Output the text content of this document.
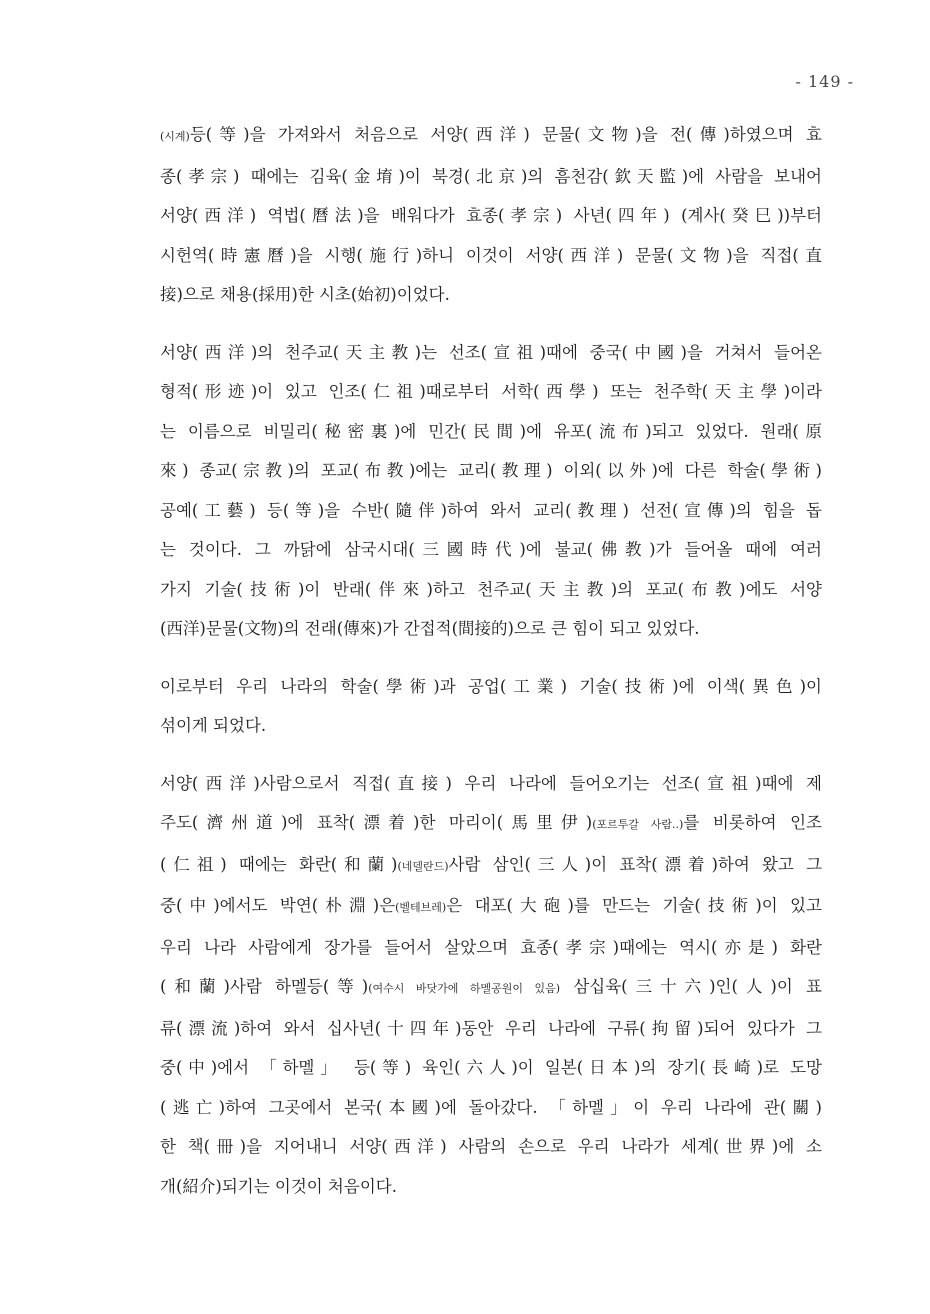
- 149 -
(시계)등(等)을 가져와서 처음으로 서양(西洋) 문물(文物)을 전(傳)하였으며 효
종(孝宗) 때에는 김육(金堉)이 북경(北京)의 흠천감(欽天監)에 사람을 보내어
서양(西洋) 역법(曆法)을 배워다가 효종(孝宗) 사년(四年) (계사(癸巳))부터
시헌역(時憲曆)을 시행(施行)하니 이것이 서양(西洋) 문물(文物)을 직접(直
接)으로 채용(採用)한 시초(始初)이었다.
서양(西洋)의 천주교(天主教)는 선조(宣祖)때에 중국(中國)을 거쳐서 들어온
형적(形迹)이 있고 인조(仁祖)때로부터 서학(西學) 또는 천주학(天主學)이라
는 이름으로 비밀리(秘密裏)에 민간(民間)에 유포(流布)되고 있었다. 원래(原
來) 종교(宗教)의 포교(布教)에는 교리(教理) 이외(以外)에 다른 학술(學術)
공예(工藝) 등(等)을 수반(隨伴)하여 와서 교리(教理) 선전(宣傳)의 힘을 돕
는 것이다. 그 까닭에 삼국시대(三國時代)에 불교(佛教)가 들어올 때에 여러
가지 기술(技術)이 반래(伴來)하고 천주교(天主教)의 포교(布教)에도 서양
(西洋)문물(文物)의 전래(傳來)가 간접적(間接的)으로 큰 힘이 되고 있었다.
이로부터 우리 나라의 학술(學術)과 공업(工業) 기술(技術)에 이색(異色)이
섞이게 되었다.
서양(西洋)사람으로서 직접(直接) 우리 나라에 들어오기는 선조(宣祖)때에 제
주도(濟州道)에 표착(漂着)한 마리이(馬里伊)(포르투갈 사람..)를 비롯하여 인조
(仁祖) 때에는 화란(和蘭)(네델란드)사람 삼인(三人)이 표착(漂着)하여 왔고 그
중(中)에서도 박연(朴淵)은(벨테브레)은 대포(大砲)를 만드는 기술(技術)이 있고
우리 나라 사람에게 장가를 들어서 살았으며 효종(孝宗)때에는 역시(亦是) 화란
(和蘭)사람 하멜등(等)(여수시 바닷가에 하멜공원이 있음) 삼십육(三十六)인(人)이 표
류(漂流)하여 와서 십사년(十四年)동안 우리 나라에 구류(拘留)되어 있다가 그
중(中)에서 「하멜」 등(等) 육인(六人)이 일본(日本)의 장기(長崎)로 도망
(逃亡)하여 그곳에서 본국(本國)에 돌아갔다. 「하멜」이 우리 나라에 관(關)
한 책(冊)을 지어내니 서양(西洋) 사람의 손으로 우리 나라가 세계(世界)에 소
개(紹介)되기는 이것이 처음이다.
